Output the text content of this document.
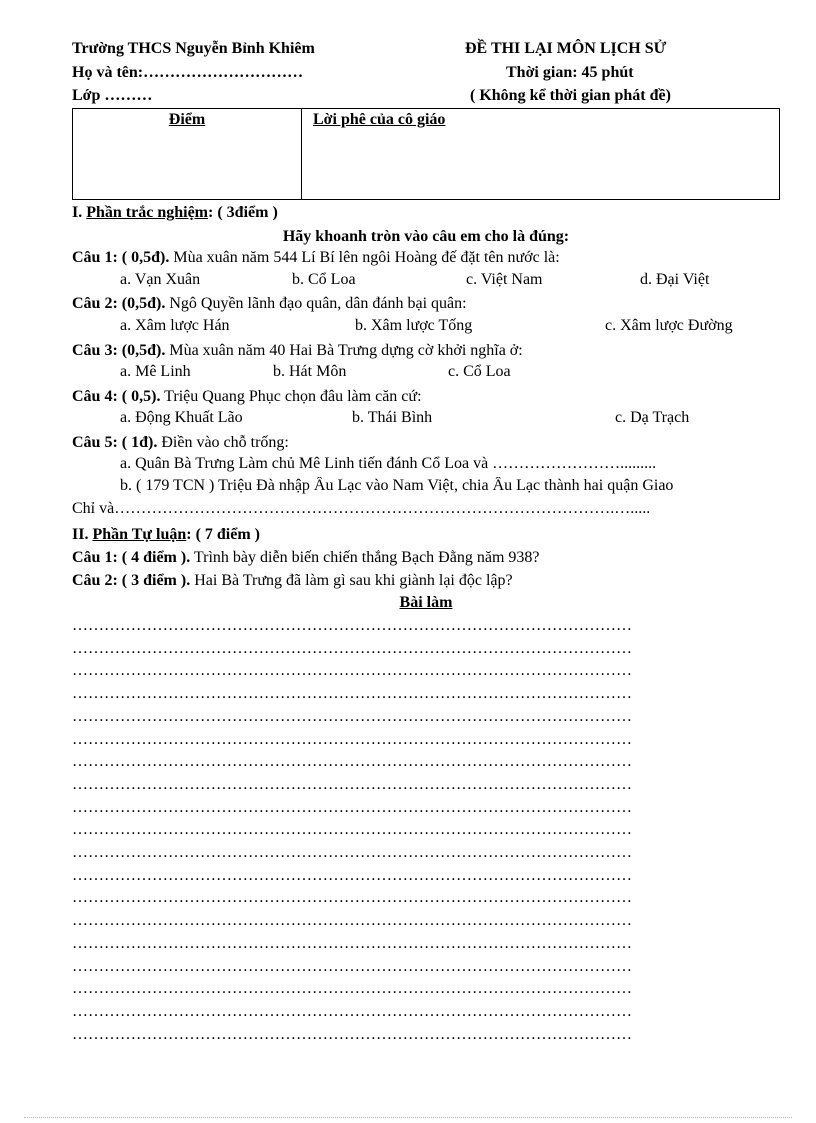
Trường THCS Nguyễn Bỉnh Khiêm	ĐỀ THI LẠI MÔN LỊCH SỬ
Họ và tên:…………………………	Thời gian: 45 phút
Lớp ………	( Không kể thời gian phát đề)
Điểm	Lời phê của cô giáo
I. Phần trắc nghiệm: ( 3điểm )
Hãy khoanh tròn vào câu em cho là đúng:
Câu 1: ( 0,5đ). Mùa xuân năm 544 Lí Bí lên ngôi Hoàng đế đặt tên nước là:
a. Vạn Xuân	b. Cổ Loa	c. Việt Nam	d. Đại Việt
Câu 2: (0,5đ). Ngô Quyền lãnh đạo quân, dân đánh bại quân:
a. Xâm lược Hán	b. Xâm lược Tống	c. Xâm lược Đường
Câu 3: (0,5đ). Mùa xuân năm 40 Hai Bà Trưng dựng cờ khởi nghĩa ở:
a. Mê Linh	b. Hát Môn	c. Cổ Loa
Câu 4: ( 0,5). Triệu Quang Phục chọn đâu làm căn cứ:
a. Động Khuất Lão	b. Thái Bình	c. Dạ Trạch
Câu 5: ( 1đ). Điền vào chỗ trống:
a. Quân Bà Trưng Làm chủ Mê Linh tiến đánh Cổ Loa và …………………….........
b. ( 179 TCN ) Triệu Đà nhập Âu Lạc vào Nam Việt, chia Âu Lạc thành hai quận Giao
Chỉ và………………………………………………………………………………….….....
II. Phần Tự luận: ( 7 điểm )
Câu 1: ( 4 điểm ). Trình bày diễn biến chiến thắng Bạch Đằng năm 938?
Câu 2: ( 3 điểm ). Hai Bà Trưng đã làm gì sau khi giành lại độc lập?
Bài làm
……………………………………………………………………………………………
……………………………………………………………………………………………
……………………………………………………………………………………………
……………………………………………………………………………………………
……………………………………………………………………………………………
……………………………………………………………………………………………
……………………………………………………………………………………………
……………………………………………………………………………………………
……………………………………………………………………………………………
……………………………………………………………………………………………
……………………………………………………………………………………………
……………………………………………………………………………………………
……………………………………………………………………………………………
……………………………………………………………………………………………
……………………………………………………………………………………………
……………………………………………………………………………………………
……………………………………………………………………………………………
……………………………………………………………………………………………
……………………………………………………………………………………………
